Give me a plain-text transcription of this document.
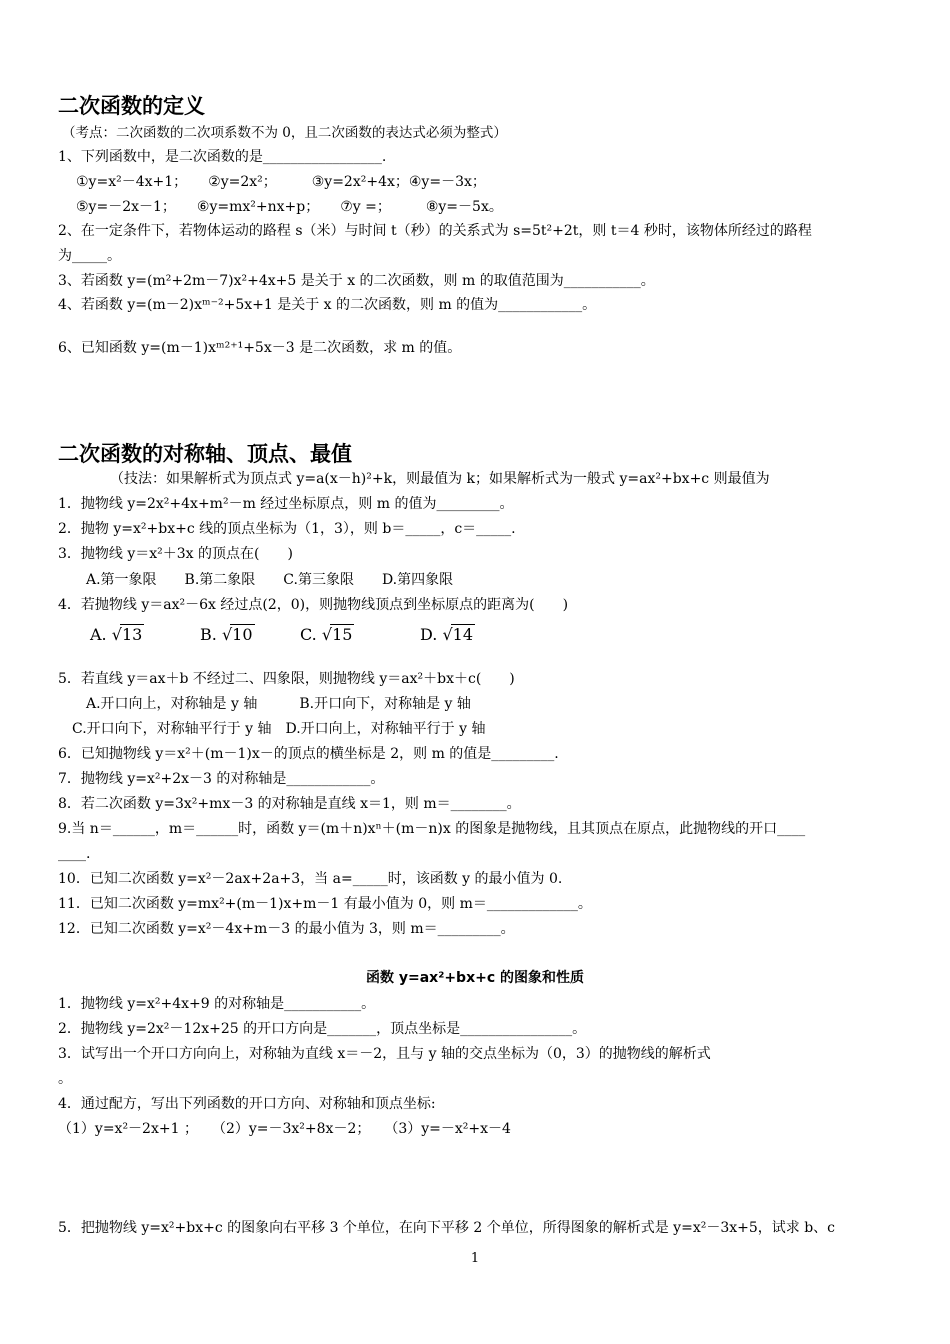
二次函数的定义
（考点：二次函数的二次项系数不为 0，且二次函数的表达式必须为整式）
1、下列函数中，是二次函数的是_________________.
①y=x²－4x+1；　　②y=2x²；　　　③y=2x²+4x；④y=－3x；
⑤y=－2x－1；　　⑥y=mx²+nx+p；　　⑦y =；　　　⑧y=－5x。
2、在一定条件下，若物体运动的路程 s（米）与时间 t（秒）的关系式为 s=5t²+2t，则 t＝4 秒时，该物体所经过的路程
为_____。
3、若函数 y=(m²+2m－7)x²+4x+5 是关于 x 的二次函数，则 m 的取值范围为___________。
4、若函数 y=(m－2)xᵐ⁻²+5x+1 是关于 x 的二次函数，则 m 的值为____________。
6、已知函数 y=(m－1)xᵐ²⁺¹+5x－3 是二次函数，求 m 的值。
二次函数的对称轴、顶点、最值
（技法：如果解析式为顶点式 y=a(x－h)²+k，则最值为 k；如果解析式为一般式 y=ax²+bx+c 则最值为
1．抛物线 y=2x²+4x+m²－m 经过坐标原点，则 m 的值为_________。
2．抛物 y=x²+bx+c 线的顶点坐标为（1，3），则 b＝_____，c＝_____.
3．抛物线 y＝x²＋3x 的顶点在(　　)
　　A.第一象限　　B.第二象限　　C.第三象限　　D.第四象限
4．若抛物线 y＝ax²－6x 经过点(2，0)，则抛物线顶点到坐标原点的距离为(　　)
A. √13	B. √10	C. √15	D. √14
5．若直线 y＝ax＋b 不经过二、四象限，则抛物线 y＝ax²＋bx＋c(　　)
　　A.开口向上，对称轴是 y 轴　　　B.开口向下，对称轴是 y 轴
　C.开口向下，对称轴平行于 y 轴　D.开口向上，对称轴平行于 y 轴
6．已知抛物线 y＝x²＋(m－1)x－的顶点的横坐标是 2，则 m 的值是_________.
7．抛物线 y=x²+2x－3 的对称轴是____________。
8．若二次函数 y=3x²+mx－3 的对称轴是直线 x＝1，则 m＝________。
9.当 n＝______，m＝______时，函数 y＝(m＋n)xⁿ＋(m－n)x 的图象是抛物线，且其顶点在原点，此抛物线的开口____
____.
10．已知二次函数 y=x²－2ax+2a+3，当 a=_____时，该函数 y 的最小值为 0.
11．已知二次函数 y=mx²+(m－1)x+m－1 有最小值为 0，则 m＝_____________。
12．已知二次函数 y=x²－4x+m－3 的最小值为 3，则 m＝_________。
函数 y=ax²+bx+c 的图象和性质
1．抛物线 y=x²+4x+9 的对称轴是___________。
2．抛物线 y=2x²－12x+25 的开口方向是_______，顶点坐标是________________。
3．试写出一个开口方向向上，对称轴为直线 x＝－2，且与 y 轴的交点坐标为（0，3）的抛物线的解析式
。
4．通过配方，写出下列函数的开口方向、对称轴和顶点坐标:
（1）y=x²－2x+1 ；　　（2）y=－3x²+8x－2；　　（3）y=－x²+x－4
5．把抛物线 y=x²+bx+c 的图象向右平移 3 个单位，在向下平移 2 个单位，所得图象的解析式是 y=x²－3x+5，试求 b、c
1
